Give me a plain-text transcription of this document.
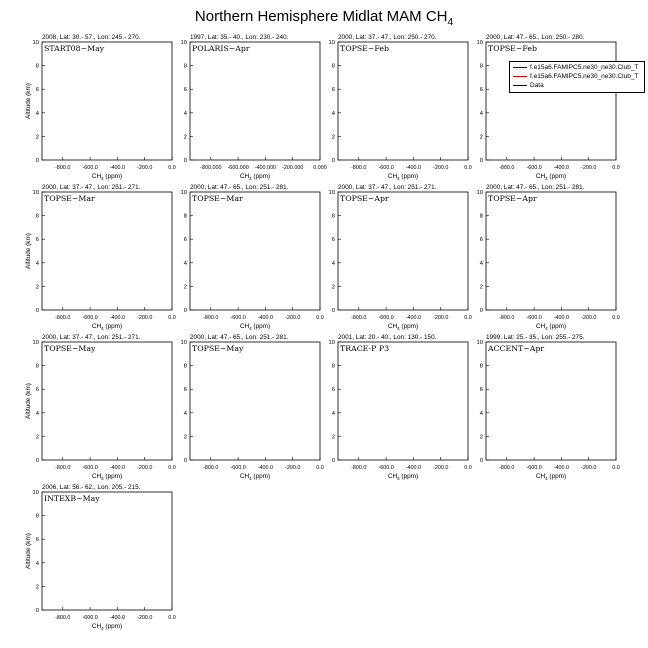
Northern Hemisphere Midlat MAM $CH_4$
2008, Lat: 30.- 57., Lon: 245.- 270.
START08~May
0
2
4
6
8
10
-800.0 -600.0 -400.0 -200.0	0.0
$CH_4$ (ppm)
Altitude (km)
1997, Lat: 35.- 40., Lon: 230.- 240.
POLARIS~Apr
0
2
4
6
8
10
-800.000 -600.000 -400.000 -200.000 0.000
$CH_4$ (ppm)
2000, Lat: 37.- 47., Lon: 250.- 270.
TOPSE~Feb
0
2
4
6
8
10
-800.0 -600.0 -400.0 -200.0	0.0
$CH_4$ (ppm)
2000, Lat: 47.- 65., Lon: 250.- 280.
TOPSE~Feb
0
2
4
6
8
10
-800.0 -600.0 -400.0 -200.0	0.0
$CH_4$ (ppm)
2000, Lat: 37.- 47., Lon: 251.- 271.
TOPSE~Mar
0
2
4
6
8
10
-800.0 -600.0 -400.0 -200.0	0.0
$CH_4$ (ppm)
Altitude (km)
2000, Lat: 47.- 65., Lon: 251.- 281.
TOPSE~Mar
0
2
4
6
8
10
-800.0 -600.0 -400.0 -200.0	0.0
$CH_4$ (ppm)
2000, Lat: 37.- 47., Lon: 251.- 271.
TOPSE~Apr
0
2
4
6
8
10
-800.0 -600.0 -400.0 -200.0	0.0
$CH_4$ (ppm)
2000, Lat: 47.- 65., Lon: 251.- 281.
TOPSE~Apr
0
2
4
6
8
10
-800.0 -600.0 -400.0 -200.0	0.0
$CH_4$ (ppm)
2000, Lat: 37.- 47., Lon: 251.- 271.
TOPSE~May
0
2
4
6
8
10
-800.0 -600.0 -400.0 -200.0	0.0
$CH_4$ (ppm)
Altitude (km)
2000, Lat: 47.- 65., Lon: 251.- 281.
TOPSE~May
0
2
4
6
8
10
-800.0 -600.0 -400.0 -200.0	0.0
$CH_4$ (ppm)
2001, Lat: 20.- 40., Lon: 130.- 150.
TRACE-P P3
0
2
4
6
8
10
-800.0 -600.0 -400.0 -200.0	0.0
$CH_4$ (ppm)
1999, Lat: 25.- 35., Lon: 255.- 275.
ACCENT~Apr
0
2
4
6
8
10
-800.0 -600.0 -400.0 -200.0	0.0
$CH_4$ (ppm)
2006, Lat: 56.- 62., Lon: 205.- 215.
INTEXB~May
0
2
4
6
8
10
-800.0 -600.0 -400.0 -200.0	0.0
$CH_4$ (ppm)
Altitude (km)
f.e15a6.FAMIPC5.ne30_ne30.Club_T
f.e15a6.FAMIPC5.ne30_ne30.Club_T
Data
